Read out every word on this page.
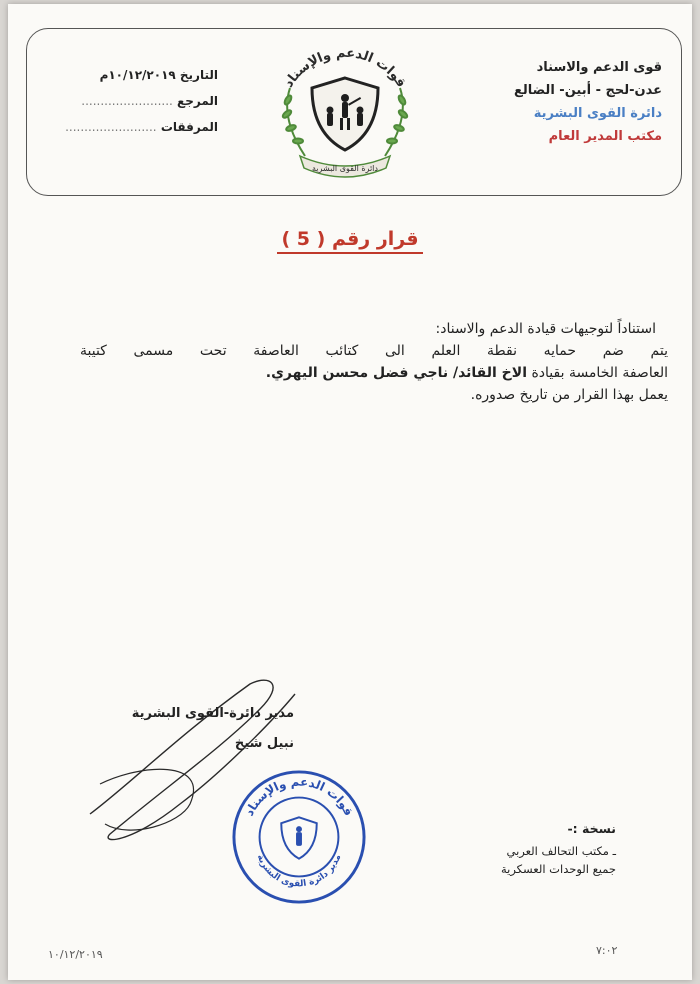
قوى الدعم والاسناد
عدن-لحج - أبين- الضالع
دائرة القوى البشرية
مكتب المدير العام
التاريخ ١٠/١٢/٢٠١٩م
المرجع ........................
المرفقات ........................
قوات الدعم والإسناد
دائرة القوى البشرية
قرار رقم ( 5 )

استناداً لتوجيهات قيادة الدعم والاسناد:

يتم ضم حمايه نقطة العلم الى كتائب العاصفة تحت مسمى كتيبة

العاصفة الخامسة بقيادة الاخ القائد/ ناجي فضل محسن اليهري.

يعمل بهذا القرار من تاريخ صدوره.

مدير دائرة-القوى البشرية
نبيل شيخ
قوات الدعم والإسناد
مدير دائرة القوى البشرية
نسخة :-
ـ مكتب التحالف العربي
جميع الوحدات العسكرية
١٠/١٢/٢٠١٩	٧:٠٢
